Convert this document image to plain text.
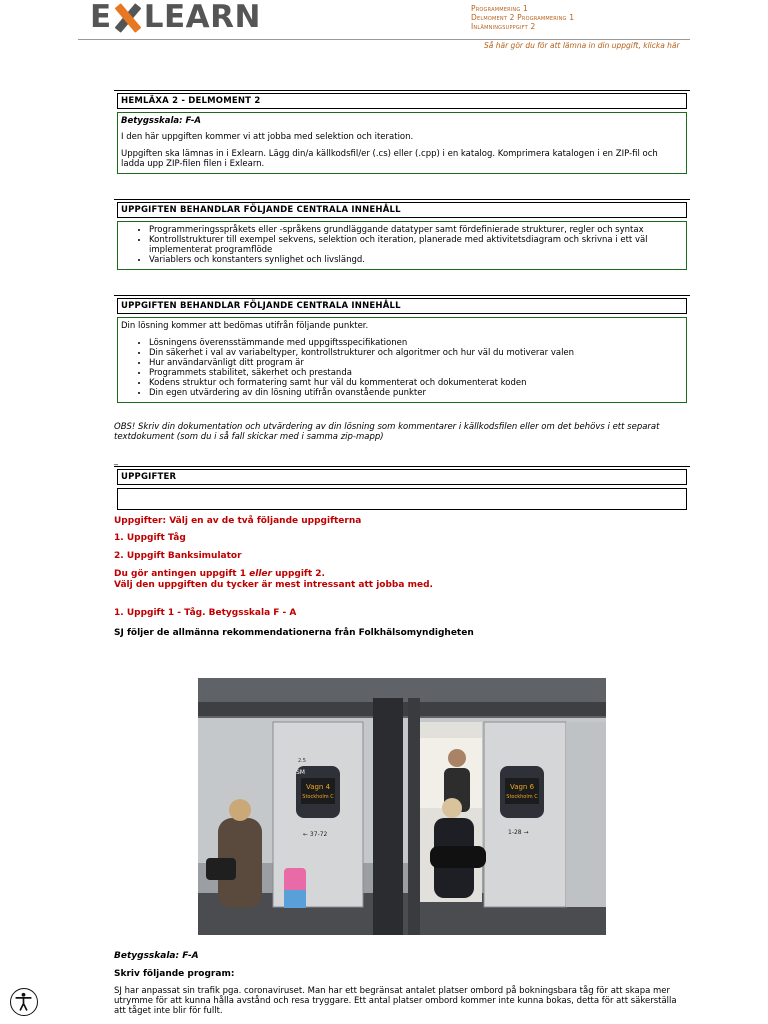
E LEARN	Programmering 1
Delmoment 2 Programmering 1
Inlämningsuppgift 2
Så här gör du för att lämna in din uppgift, klicka här
HEMLÄXA 2 - DELMOMENT 2

Betygsskala: F-A

I den här uppgiften kommer vi att jobba med selektion och iteration.

Uppgiften ska lämnas in i Exlearn. Lägg din/a källkodsfil/er (.cs) eller (.cpp) i en katalog. Komprimera katalogen i en ZIP-fil och ladda upp ZIP-filen filen i Exlearn.

UPPGIFTEN BEHANDLAR FÖLJANDE CENTRALA INNEHÅLL
• Programmeringsspråkets eller -språkens grundläggande datatyper samt fördefinierade strukturer, regler och syntax
• Kontrollstrukturer till exempel sekvens, selektion och iteration, planerade med aktivitetsdiagram och skrivna i ett väl implementerat programflöde
• Variablers och konstanters synlighet och livslängd.
UPPGIFTEN BEHANDLAR FÖLJANDE CENTRALA INNEHÅLL

Din lösning kommer att bedömas utifrån följande punkter.

• Lösningens överensstämmande med uppgiftsspecifikationen
• Din säkerhet i val av variabeltyper, kontrollstrukturer och algoritmer och hur väl du motiverar valen
• Hur användarvänligt ditt program är
• Programmets stabilitet, säkerhet och prestanda
• Kodens struktur och formatering samt hur väl du kommenterat och dokumenterat koden
• Din egen utvärdering av din lösning utifrån ovanstående punkter

OBS! Skriv din dokumentation och utvärdering av din lösning som kommentarer i källkodsfilen eller om det behövs i ett separat textdokument (som du i så fall skickar med i samma zip-mapp)

_
UPPGIFTER

Uppgifter: Välj en av de två följande uppgifterna

1. Uppgift Tåg

2. Uppgift Banksimulator

Du gör antingen uppgift 1 eller uppgift 2.

Välj den uppgiften du tycker är mest intressant att jobba med.

1. Uppgift 1 - Tåg. Betygsskala F - A

SJ följer de allmänna rekommendationerna från Folkhälsomyndigheten

Vagn 4
Stockholm C
← 37-72
Vagn 6
Stockholm C
1-28 →
SM
2.5

Betygsskala: F-A

Skriv följande program:

SJ har anpassat sin trafik pga. coronaviruset. Man har ett begränsat antalet platser ombord på bokningsbara tåg för att skapa mer utrymme för att kunna hålla avstånd och resa tryggare. Ett antal platser ombord kommer inte kunna bokas, detta för att säkerställa att tåget inte blir för fullt.
